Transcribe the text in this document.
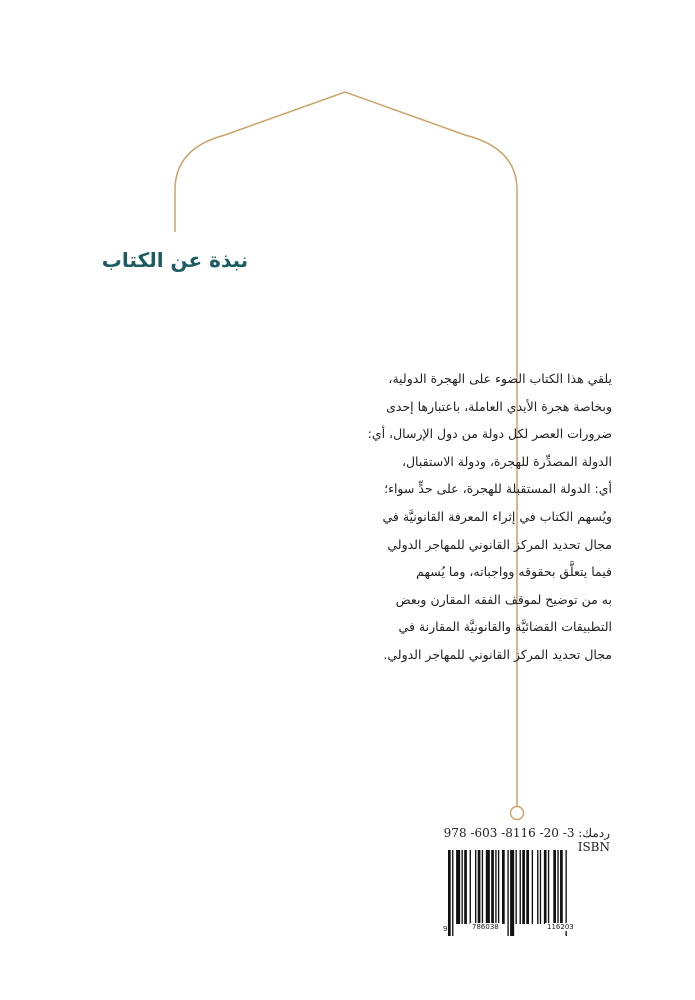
نبذة عن الكتاب
يلقي هذا الكتاب الضوء على الهجرة الدولية،
وبخاصة هجرة الأيدي العاملة، باعتبارها إحدى
ضرورات العصر لكل دولة من دول الإرسال، أي:
الدولة المصدِّرة للهجرة، ودولة الاستقبال،
أي: الدولة المستقبلة للهجرة، على حدٍّ سواء؛
ويُسهم الكتاب في إثراء المعرفة القانونيَّة في
مجال تحديد المركز القانوني للمهاجر الدولي
فيما يتعلَّق بحقوقه وواجباته، وما يُسهم
به من توضيح لموقف الفقه المقارن وبعض
التطبيقات القضائيَّة والقانونيَّة المقارنة في
مجال تحديد المركز القانوني للمهاجر الدولي.
ردمك: 3- 20- 8116- 603- 978 ISBN
9	786038	116203
